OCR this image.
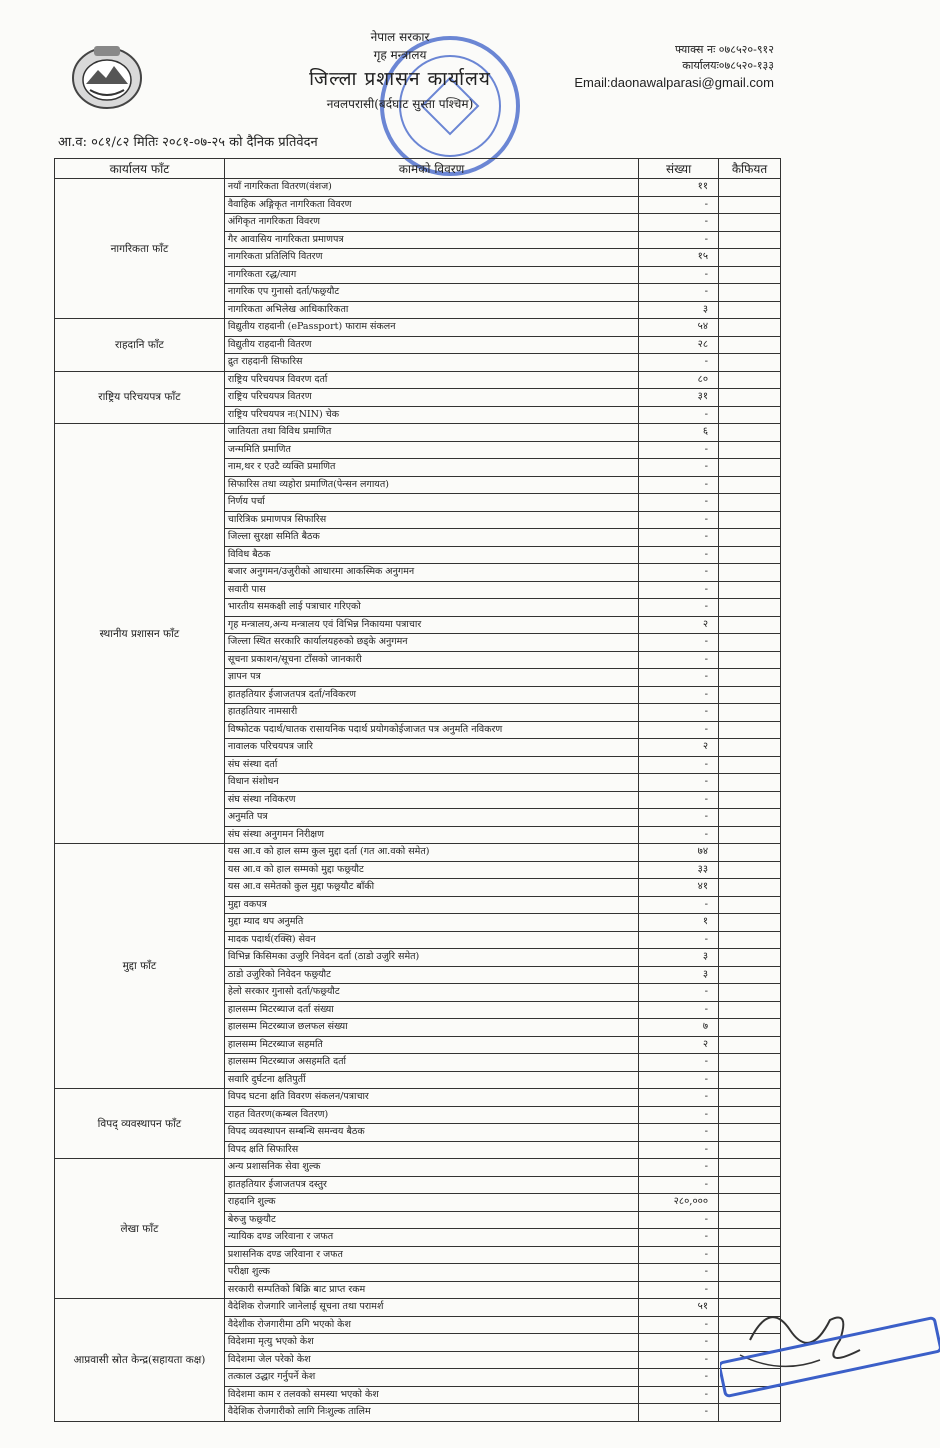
नेपाल सरकार
गृह मन्त्रालय
जिल्ला प्रशासन कार्यालय
नवलपरासी(बर्दघाट सुस्ता पश्चिम)
फ्याक्स नः ०७८५२०-९१२
कार्यालयः०७८५२०-१३३
Email:daonawalparasi@gmail.com
आ.व: ०८१/८२ मितिः २०८१-०७-२५ को दैनिक प्रतिवेदन
कार्यालय फाँट	कामको विवरण	संख्या	कैफियत
नागरिकता फाँट	नयाँ नागरिकता वितरण(वंशज)	११	
	वैवाहिक अङ्गिकृत नागरिकता विवरण	-	
	अंगिकृत नागरिकता विवरण	-	
	गैर आवासिय नागरिकता प्रमाणपत्र	-	
	नागरिकता प्रतिलिपि वितरण	१५	
	नागरिकता रद्ध/त्याग	-	
	नागरिक एप गुनासो दर्ता/फछ्र्यौट	-	
	नागरिकता अभिलेख आधिकारिकता	३	
राहदानि फाँट	विद्युतीय राहदानी (ePassport) फाराम संकलन	५४	
	विद्युतीय राहदानी वितरण	२८	
	द्रुत राहदानी सिफारिस	-	
राष्ट्रिय परिचयपत्र फाँट	राष्ट्रिय परिचयपत्र विवरण दर्ता	८०	
	राष्ट्रिय परिचयपत्र वितरण	३१	
	राष्ट्रिय परिचयपत्र नः(NIN) चेक	-	
स्थानीय प्रशासन फाँट	जातियता तथा विविध प्रमाणित	६	
	जन्ममिति प्रमाणित	-	
	नाम,थर र एउटै व्यक्ति प्रमाणित	-	
	सिफारिस तथा व्यहोरा प्रमाणित(पेन्सन लगायत)	-	
	निर्णय पर्चा	-	
	चारित्रिक प्रमाणपत्र सिफारिस	-	
	जिल्ला सुरक्षा समिति बैठक	-	
	विविध बैठक	-	
	बजार अनुगमन/उजुरीको आधारमा आकस्मिक अनुगमन	-	
	सवारी पास	-	
	भारतीय समकक्षी लाई पत्राचार गरिएको	-	
	गृह मन्त्रालय,अन्य मन्त्रालय एवं विभिन्न निकायमा पत्राचार	२	
	जिल्ला स्थित सरकारि कार्यालयहरुको छड्के अनुगमन	-	
	सूचना प्रकाशन/सूचना टाँसको जानकारी	-	
	ज्ञापन पत्र	-	
	हातहतियार ईजाजतपत्र दर्ता/नविकरण	-	
	हातहतियार नामसारी	-	
	विष्फोटक पदार्थ/घातक रासायनिक पदार्थ प्रयोगकोईजाजत पत्र अनुमति नविकरण	-	
	नावालक परिचयपत्र जारि	२	
	संघ संस्था दर्ता	-	
	विधान संशोधन	-	
	संघ संस्था नविकरण	-	
	अनुमति पत्र	-	
	संघ संस्था अनुगमन निरीक्षण	-	
मुद्दा फाँट	यस आ.व को हाल सम्म कुल मुद्दा दर्ता (गत आ.वको समेत)	७४	
	यस आ.व को हाल सम्मको मुद्दा फछ्र्यौट	३३	
	यस आ.व समेतको कुल मुद्दा फछ्र्यौट बाँकी	४१	
	मुद्दा वकपत्र	-	
	मुद्दा म्याद थप अनुमति	१	
	मादक पदार्थ(रक्सि) सेवन	-	
	विभिन्न किसिमका उजुरि निवेदन दर्ता (ठाडो उजुरि समेत)	३	
	ठाडो उजुरिको निवेदन फछ्र्यौट	३	
	हेलो सरकार गुनासो दर्ता/फछ्र्यौट	-	
	हालसम्म मिटरब्याज दर्ता संख्या	-	
	हालसम्म मिटरब्याज छलफल संख्या	७	
	हालसम्म मिटरब्याज सहमति	२	
	हालसम्म मिटरब्याज असहमति दर्ता	-	
	सवारि दुर्घटना क्षतिपुर्ती	-	
विपद् व्यवस्थापन फाँट	विपद घटना क्षति विवरण संकलन/पत्राचार	-	
	राहत वितरण(कम्बल वितरण)	-	
	विपद व्यवस्थापन सम्बन्धि समन्वय बैठक	-	
	विपद क्षति सिफारिस	-	
लेखा फाँट	अन्य प्रशासनिक सेवा शुल्क	-	
	हातहतियार ईजाजतपत्र दस्तुर	-	
	राहदानि शुल्क	२८०,०००	
	बेरुजु फछ्र्यौट	-	
	न्यायिक दण्ड जरिवाना र जफत	-	
	प्रशासनिक दण्ड जरिवाना र जफत	-	
	परीक्षा शुल्क	-	
	सरकारी सम्पतिको बिक्रि बाट प्राप्त रकम	-	
आप्रवासी स्रोत केन्द्र(सहायता कक्ष)	वैदेशिक रोजगारि जानेलाई सूचना तथा परामर्श	५१	
	वैदेशीक रोजगारीमा ठगि भएको केश	-	
	विदेशमा मृत्यु भएको केश	-	
	विदेशमा जेल परेको केश	-	
	तत्काल उद्धार गर्नुपर्ने केश	-	
	विदेशमा काम र तलवको समस्या भएको केश	-	
	वैदेशिक रोजगारीको लागि निःशुल्क तालिम	-	
